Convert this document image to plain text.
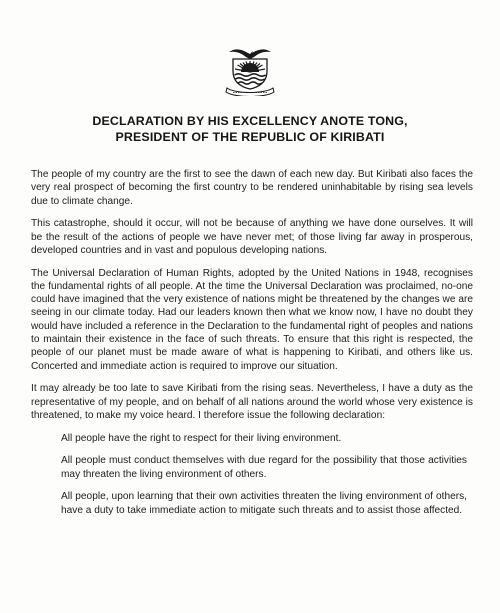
DECLARATION BY HIS EXCELLENCY ANOTE TONG,
PRESIDENT OF THE REPUBLIC OF KIRIBATI

The people of my country are the first to see the dawn of each new day. But Kiribati also faces the very real prospect of becoming the first country to be rendered uninhabitable by rising sea levels due to climate change.

This catastrophe, should it occur, will not be because of anything we have done ourselves. It will be the result of the actions of people we have never met; of those living far away in prosperous, developed countries and in vast and populous developing nations.

The Universal Declaration of Human Rights, adopted by the United Nations in 1948, recognises the fundamental rights of all people. At the time the Universal Declaration was proclaimed, no-one could have imagined that the very existence of nations might be threatened by the changes we are seeing in our climate today. Had our leaders known then what we know now, I have no doubt they would have included a reference in the Declaration to the fundamental right of peoples and nations to maintain their existence in the face of such threats. To ensure that this right is respected, the people of our planet must be made aware of what is happening to Kiribati, and others like us. Concerted and immediate action is required to improve our situation.

It may already be too late to save Kiribati from the rising seas. Nevertheless, I have a duty as the representative of my people, and on behalf of all nations around the world whose very existence is threatened, to make my voice heard. I therefore issue the following declaration:

All people have the right to respect for their living environment.

All people must conduct themselves with due regard for the possibility that those activities may threaten the living environment of others.

All people, upon learning that their own activities threaten the living environment of others, have a duty to take immediate action to mitigate such threats and to assist those affected.
